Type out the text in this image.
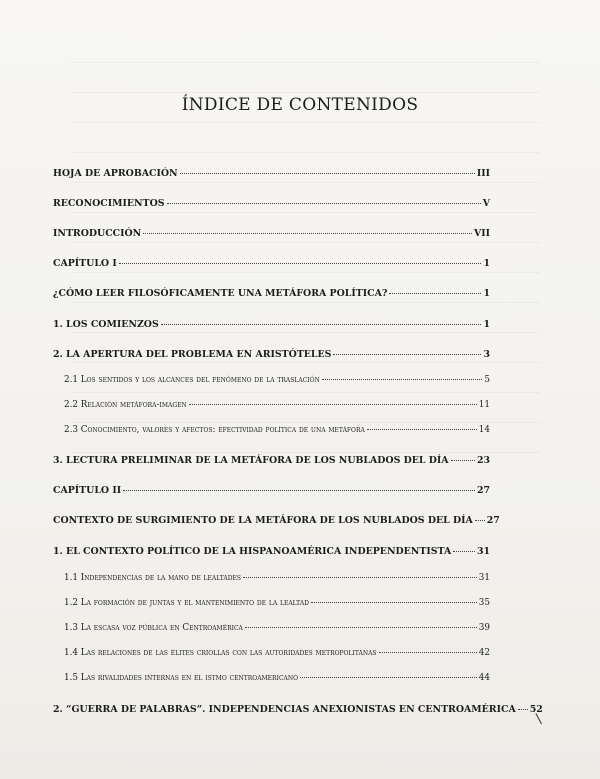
ÍNDICE DE CONTENIDOS
HOJA DE APROBACIÓN	III
RECONOCIMIENTOS	V
INTRODUCCIÓN	VII
CAPÍTULO I	1
¿CÓMO LEER FILOSÓFICAMENTE UNA METÁFORA POLÍTICA?	1
1. LOS COMIENZOS	1
2. LA APERTURA DEL PROBLEMA EN ARISTÓTELES	3
2.1 Los sentidos y los alcances del fenómeno de la traslación	5
2.2 Relación metáfora-imagen	11
2.3 Conocimiento, valores y afectos: efectividad política de una metáfora	14
3. LECTURA PRELIMINAR DE LA METÁFORA DE LOS NUBLADOS DEL DÍA	23
CAPÍTULO II	27
CONTEXTO DE SURGIMIENTO DE LA METÁFORA DE LOS NUBLADOS DEL DÍA 27
1. EL CONTEXTO POLÍTICO DE LA HISPANOAMÉRICA INDEPENDENTISTA	31
1.1 Independencias de la mano de lealtades	31
1.2 La formación de juntas y el mantenimiento de la lealtad	35
1.3 La escasa voz pública en Centroamérica	39
1.4 Las relaciones de las élites criollas con las autoridades metropolitanas	42
1.5 Las rivalidades internas en el istmo centroamericano	44
2. “GUERRA DE PALABRAS”. INDEPENDENCIAS ANEXIONISTAS EN CENTROAMÉRICA 52
